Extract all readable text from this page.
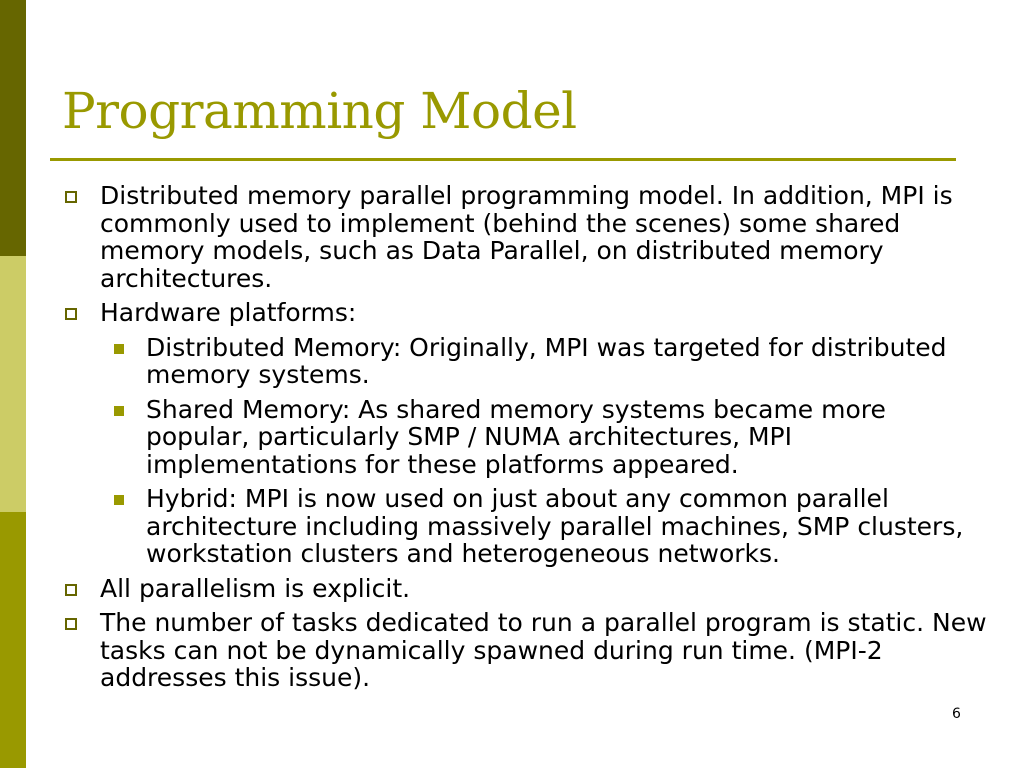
Programming Model
Distributed memory parallel programming model. In addition, MPI is commonly used to implement (behind the scenes) some shared memory models, such as Data Parallel, on distributed memory architectures.
Hardware platforms:
Distributed Memory: Originally, MPI was targeted for distributed memory systems.
Shared Memory: As shared memory systems became more popular, particularly SMP / NUMA architectures, MPI implementations for these platforms appeared.
Hybrid: MPI is now used on just about any common parallel architecture including massively parallel machines, SMP clusters, workstation clusters and heterogeneous networks.
All parallelism is explicit.
The number of tasks dedicated to run a parallel program is static. New tasks can not be dynamically spawned during run time. (MPI-2 addresses this issue).
6
